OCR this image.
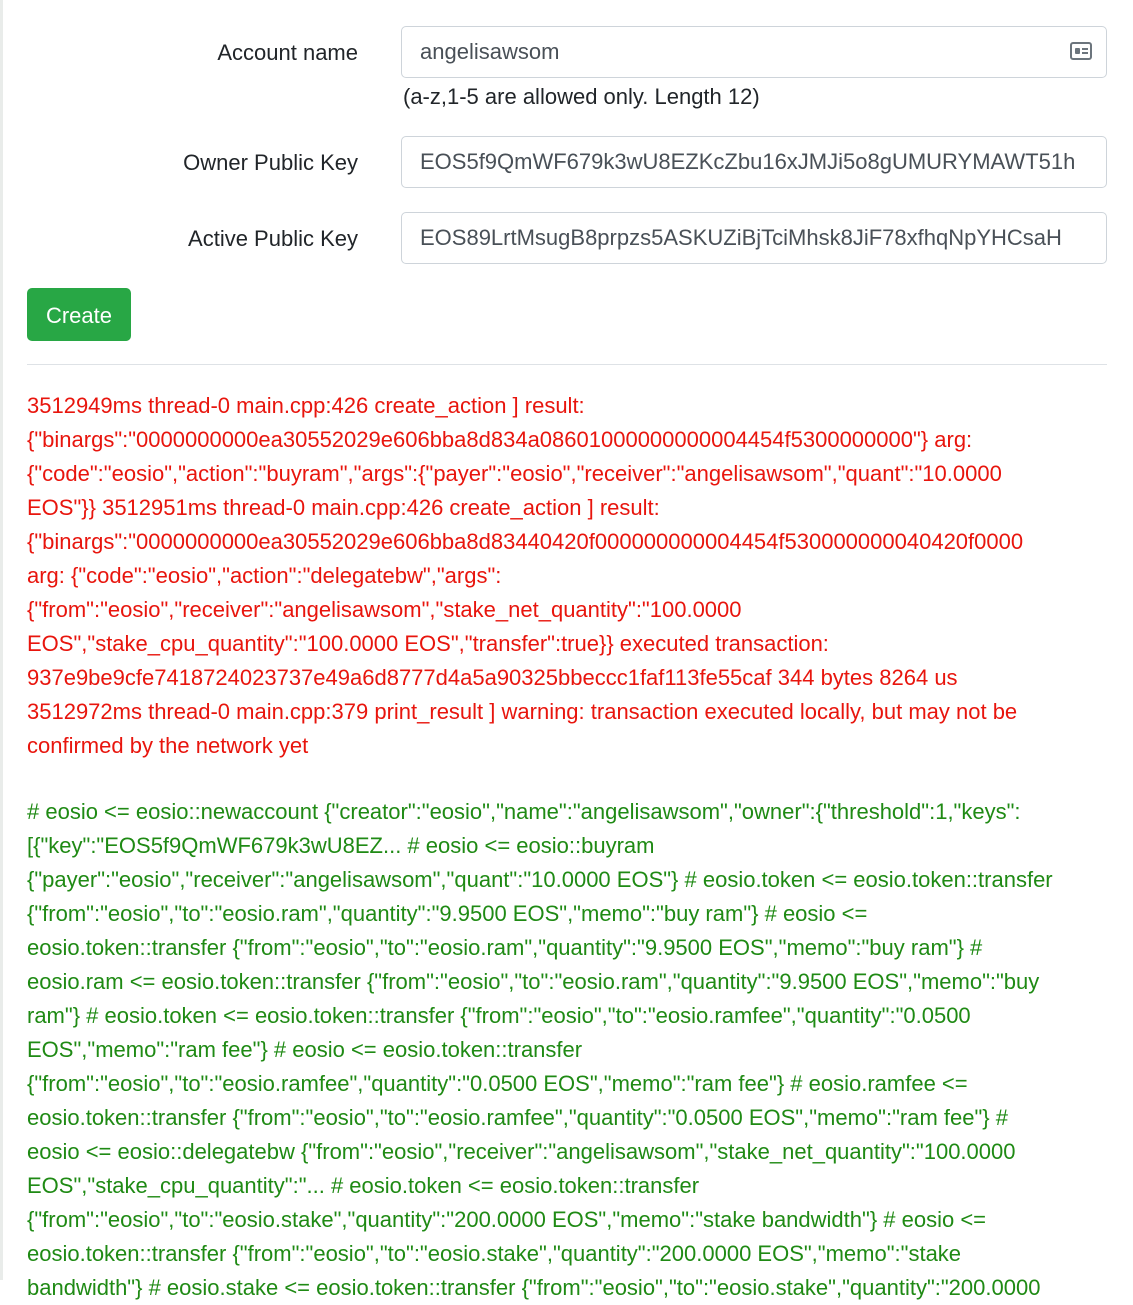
Account name	angelisawsom
(a-z,1-5 are allowed only. Length 12)
Owner Public Key	EOS5f9QmWF679k3wU8EZKcZbu16xJMJi5o8gUMURYMAWT51h
Active Public Key	EOS89LrtMsugB8prpzs5ASKUZiBjTciMhsk8JiF78xfhqNpYHCsaH
Create
3512949ms thread-0 main.cpp:426 create_action ] result:
{"binargs":"0000000000ea30552029e606bba8d834a08601000000000004454f5300000000"} arg:
{"code":"eosio","action":"buyram","args":{"payer":"eosio","receiver":"angelisawsom","quant":"10.0000
EOS"}} 3512951ms thread-0 main.cpp:426 create_action ] result:
{"binargs":"0000000000ea30552029e606bba8d83440420f000000000004454f530000000040420f0000
arg: {"code":"eosio","action":"delegatebw","args":
{"from":"eosio","receiver":"angelisawsom","stake_net_quantity":"100.0000
EOS","stake_cpu_quantity":"100.0000 EOS","transfer":true}} executed transaction:
937e9be9cfe7418724023737e49a6d8777d4a5a90325bbeccc1faf113fe55caf 344 bytes 8264 us
3512972ms thread-0 main.cpp:379 print_result ] warning: transaction executed locally, but may not be
confirmed by the network yet
# eosio <= eosio::newaccount {"creator":"eosio","name":"angelisawsom","owner":{"threshold":1,"keys":
[{"key":"EOS5f9QmWF679k3wU8EZ... # eosio <= eosio::buyram
{"payer":"eosio","receiver":"angelisawsom","quant":"10.0000 EOS"} # eosio.token <= eosio.token::transfer
{"from":"eosio","to":"eosio.ram","quantity":"9.9500 EOS","memo":"buy ram"} # eosio <=
eosio.token::transfer {"from":"eosio","to":"eosio.ram","quantity":"9.9500 EOS","memo":"buy ram"} #
eosio.ram <= eosio.token::transfer {"from":"eosio","to":"eosio.ram","quantity":"9.9500 EOS","memo":"buy
ram"} # eosio.token <= eosio.token::transfer {"from":"eosio","to":"eosio.ramfee","quantity":"0.0500
EOS","memo":"ram fee"} # eosio <= eosio.token::transfer
{"from":"eosio","to":"eosio.ramfee","quantity":"0.0500 EOS","memo":"ram fee"} # eosio.ramfee <=
eosio.token::transfer {"from":"eosio","to":"eosio.ramfee","quantity":"0.0500 EOS","memo":"ram fee"} #
eosio <= eosio::delegatebw {"from":"eosio","receiver":"angelisawsom","stake_net_quantity":"100.0000
EOS","stake_cpu_quantity":"... # eosio.token <= eosio.token::transfer
{"from":"eosio","to":"eosio.stake","quantity":"200.0000 EOS","memo":"stake bandwidth"} # eosio <=
eosio.token::transfer {"from":"eosio","to":"eosio.stake","quantity":"200.0000 EOS","memo":"stake
bandwidth"} # eosio.stake <= eosio.token::transfer {"from":"eosio","to":"eosio.stake","quantity":"200.0000
